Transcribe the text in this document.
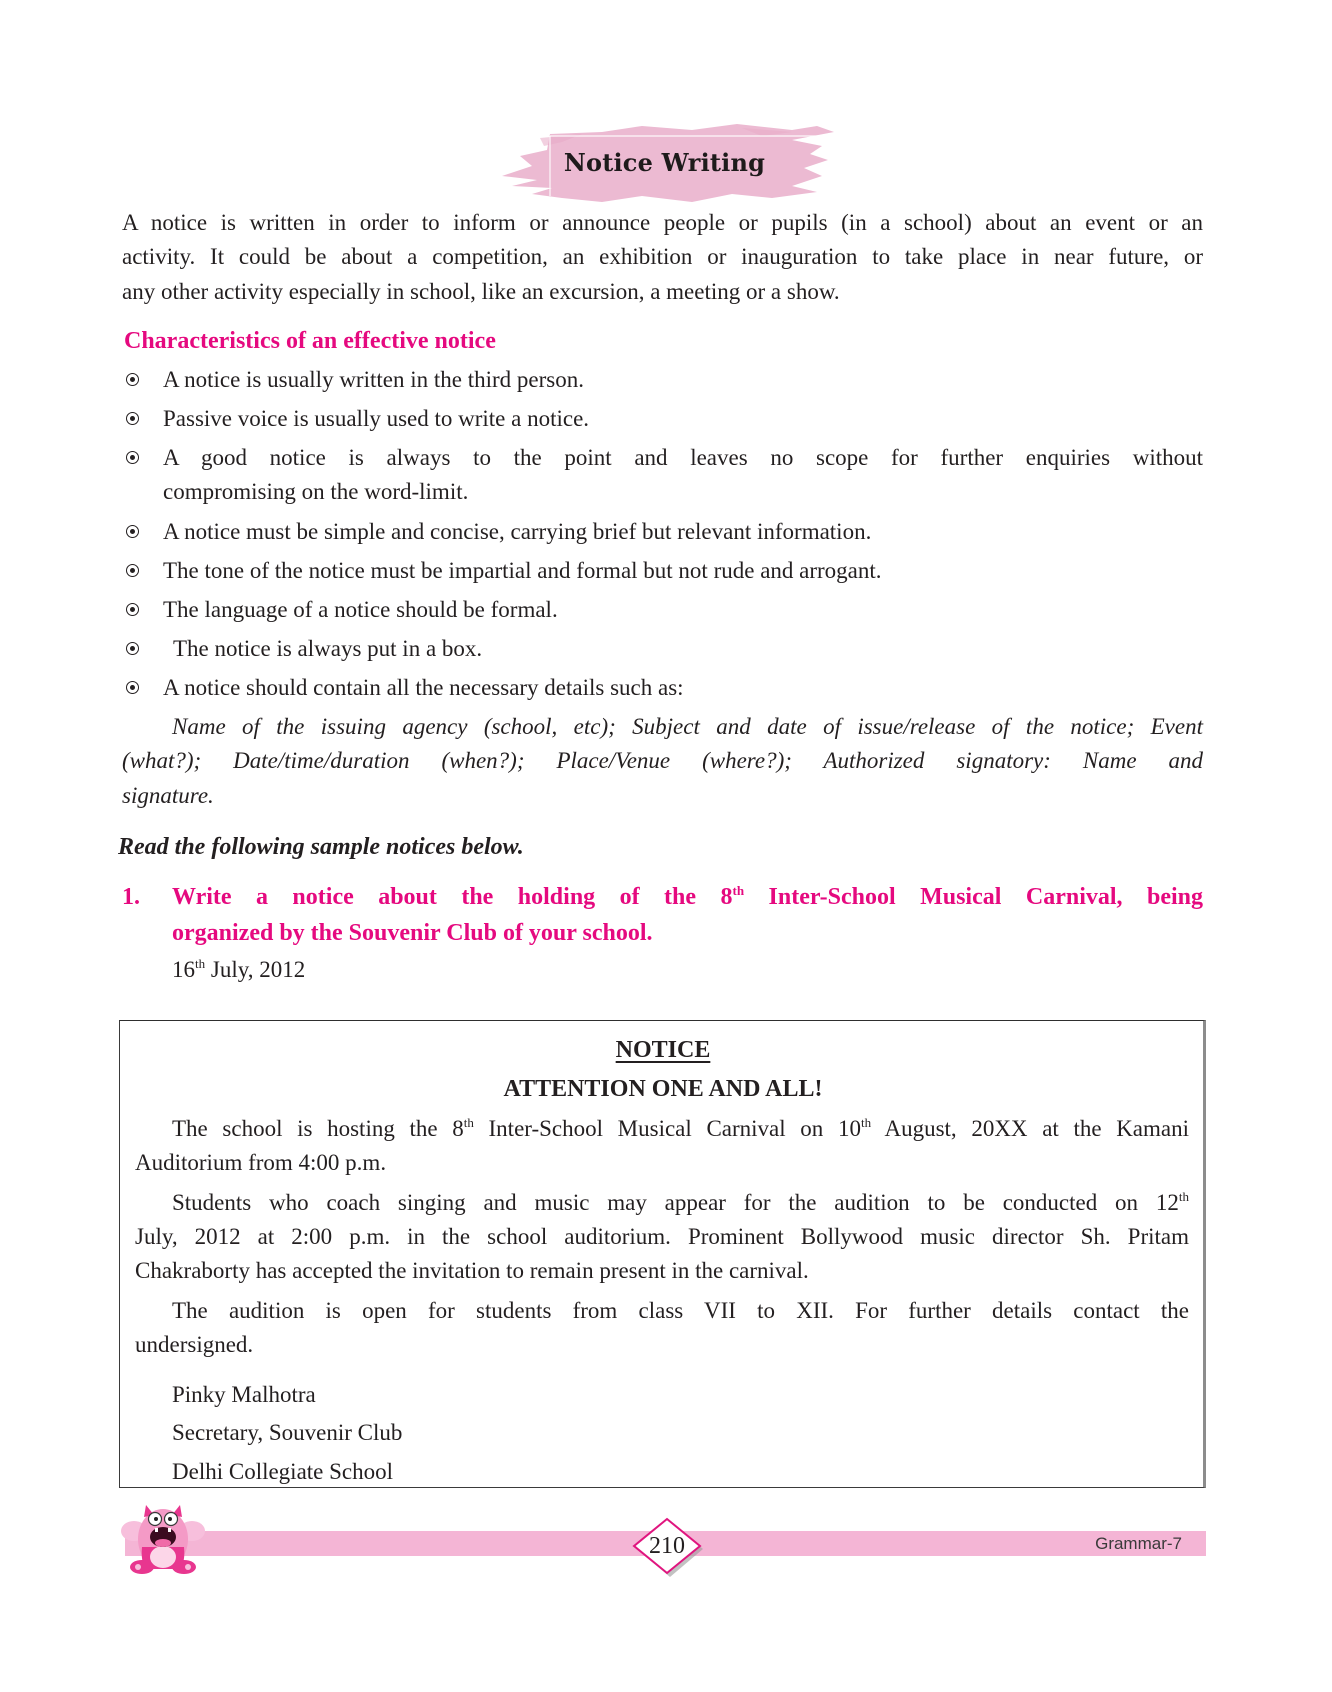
Notice Writing
A notice is written in order to inform or announce people or pupils (in a school) about an event or an
activity. It could be about a competition, an exhibition or inauguration to take place in near future, or
any other activity especially in school, like an excursion, a meeting or a show.
Characteristics of an effective notice
A notice is usually written in the third person.
Passive voice is usually used to write a notice.
A good notice is always to the point and leaves no scope for further enquiries without
compromising on the word-limit.
A notice must be simple and concise, carrying brief but relevant information.
The tone of the notice must be impartial and formal but not rude and arrogant.
The language of a notice should be formal.
The notice is always put in a box.
A notice should contain all the necessary details such as:
Name of the issuing agency (school, etc); Subject and date of issue/release of the notice; Event
(what?); Date/time/duration (when?); Place/Venue (where?); Authorized signatory: Name and
signature.
Read the following sample notices below.
1. Write a notice about the holding of the 8th Inter-School Musical Carnival, being
organized by the Souvenir Club of your school.
16th July, 2012
NOTICE
ATTENTION ONE AND ALL!
The school is hosting the 8th Inter-School Musical Carnival on 10th August, 20XX at the Kamani
Auditorium from 4:00 p.m.
Students who coach singing and music may appear for the audition to be conducted on 12th
July, 2012 at 2:00 p.m. in the school auditorium. Prominent Bollywood music director Sh. Pritam
Chakraborty has accepted the invitation to remain present in the carnival.
The audition is open for students from class VII to XII. For further details contact the
undersigned.
Pinky Malhotra
Secretary, Souvenir Club
Delhi Collegiate School
210	Grammar-7
